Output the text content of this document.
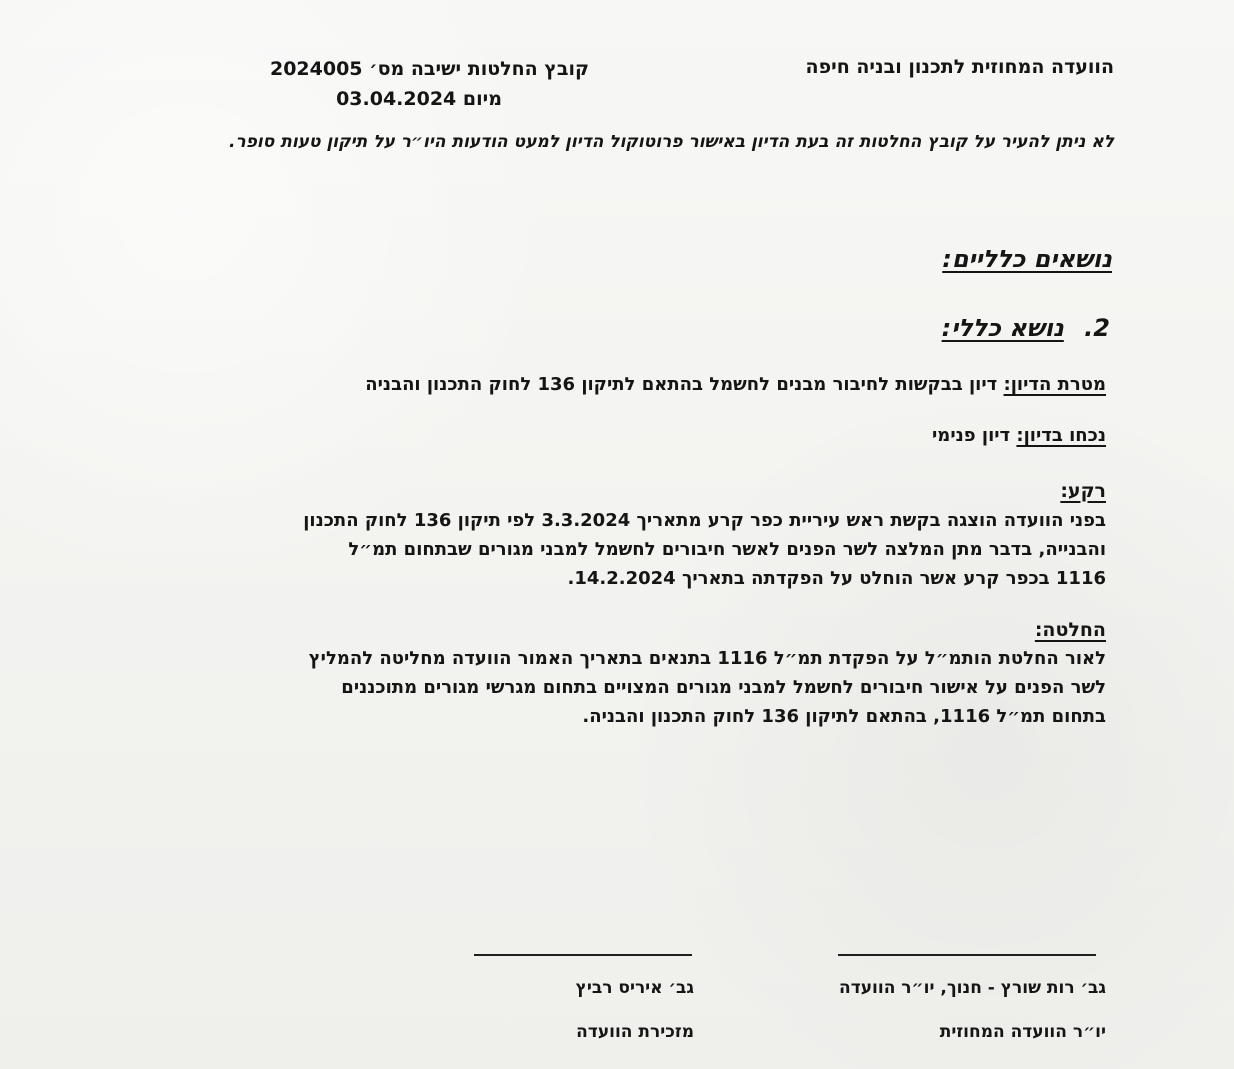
הוועדה המחוזית לתכנון ובניה חיפה
קובץ החלטות ישיבה מס׳ 2024005
מיום 03.04.2024
לא ניתן להעיר על קובץ החלטות זה בעת הדיון באישור פרוטוקול הדיון למעט הודעות היו״ר על תיקון טעות סופר.
נושאים כלליים:
2. נושא כללי:
מטרת הדיון: דיון בבקשות לחיבור מבנים לחשמל בהתאם לתיקון 136 לחוק התכנון והבניה
נכחו בדיון: דיון פנימי
רקע:
בפני הוועדה הוצגה בקשת ראש עיריית כפר קרע מתאריך 3.3.2024 לפי תיקון 136 לחוק התכנון
והבנייה, בדבר מתן המלצה לשר הפנים לאשר חיבורים לחשמל למבני מגורים שבתחום תמ״ל
1116 בכפר קרע אשר הוחלט על הפקדתה בתאריך 14.2.2024.
החלטה:
לאור החלטת הותמ״ל על הפקדת תמ״ל 1116 בתנאים בתאריך האמור הוועדה מחליטה להמליץ
לשר הפנים על אישור חיבורים לחשמל למבני מגורים המצויים בתחום מגרשי מגורים מתוכננים
בתחום תמ״ל 1116, בהתאם לתיקון 136 לחוק התכנון והבניה.
גב׳ רות שורץ - חנוך, יו״ר הוועדה
יו״ר הוועדה המחוזית
גב׳ איריס רביץ
מזכירת הוועדה
